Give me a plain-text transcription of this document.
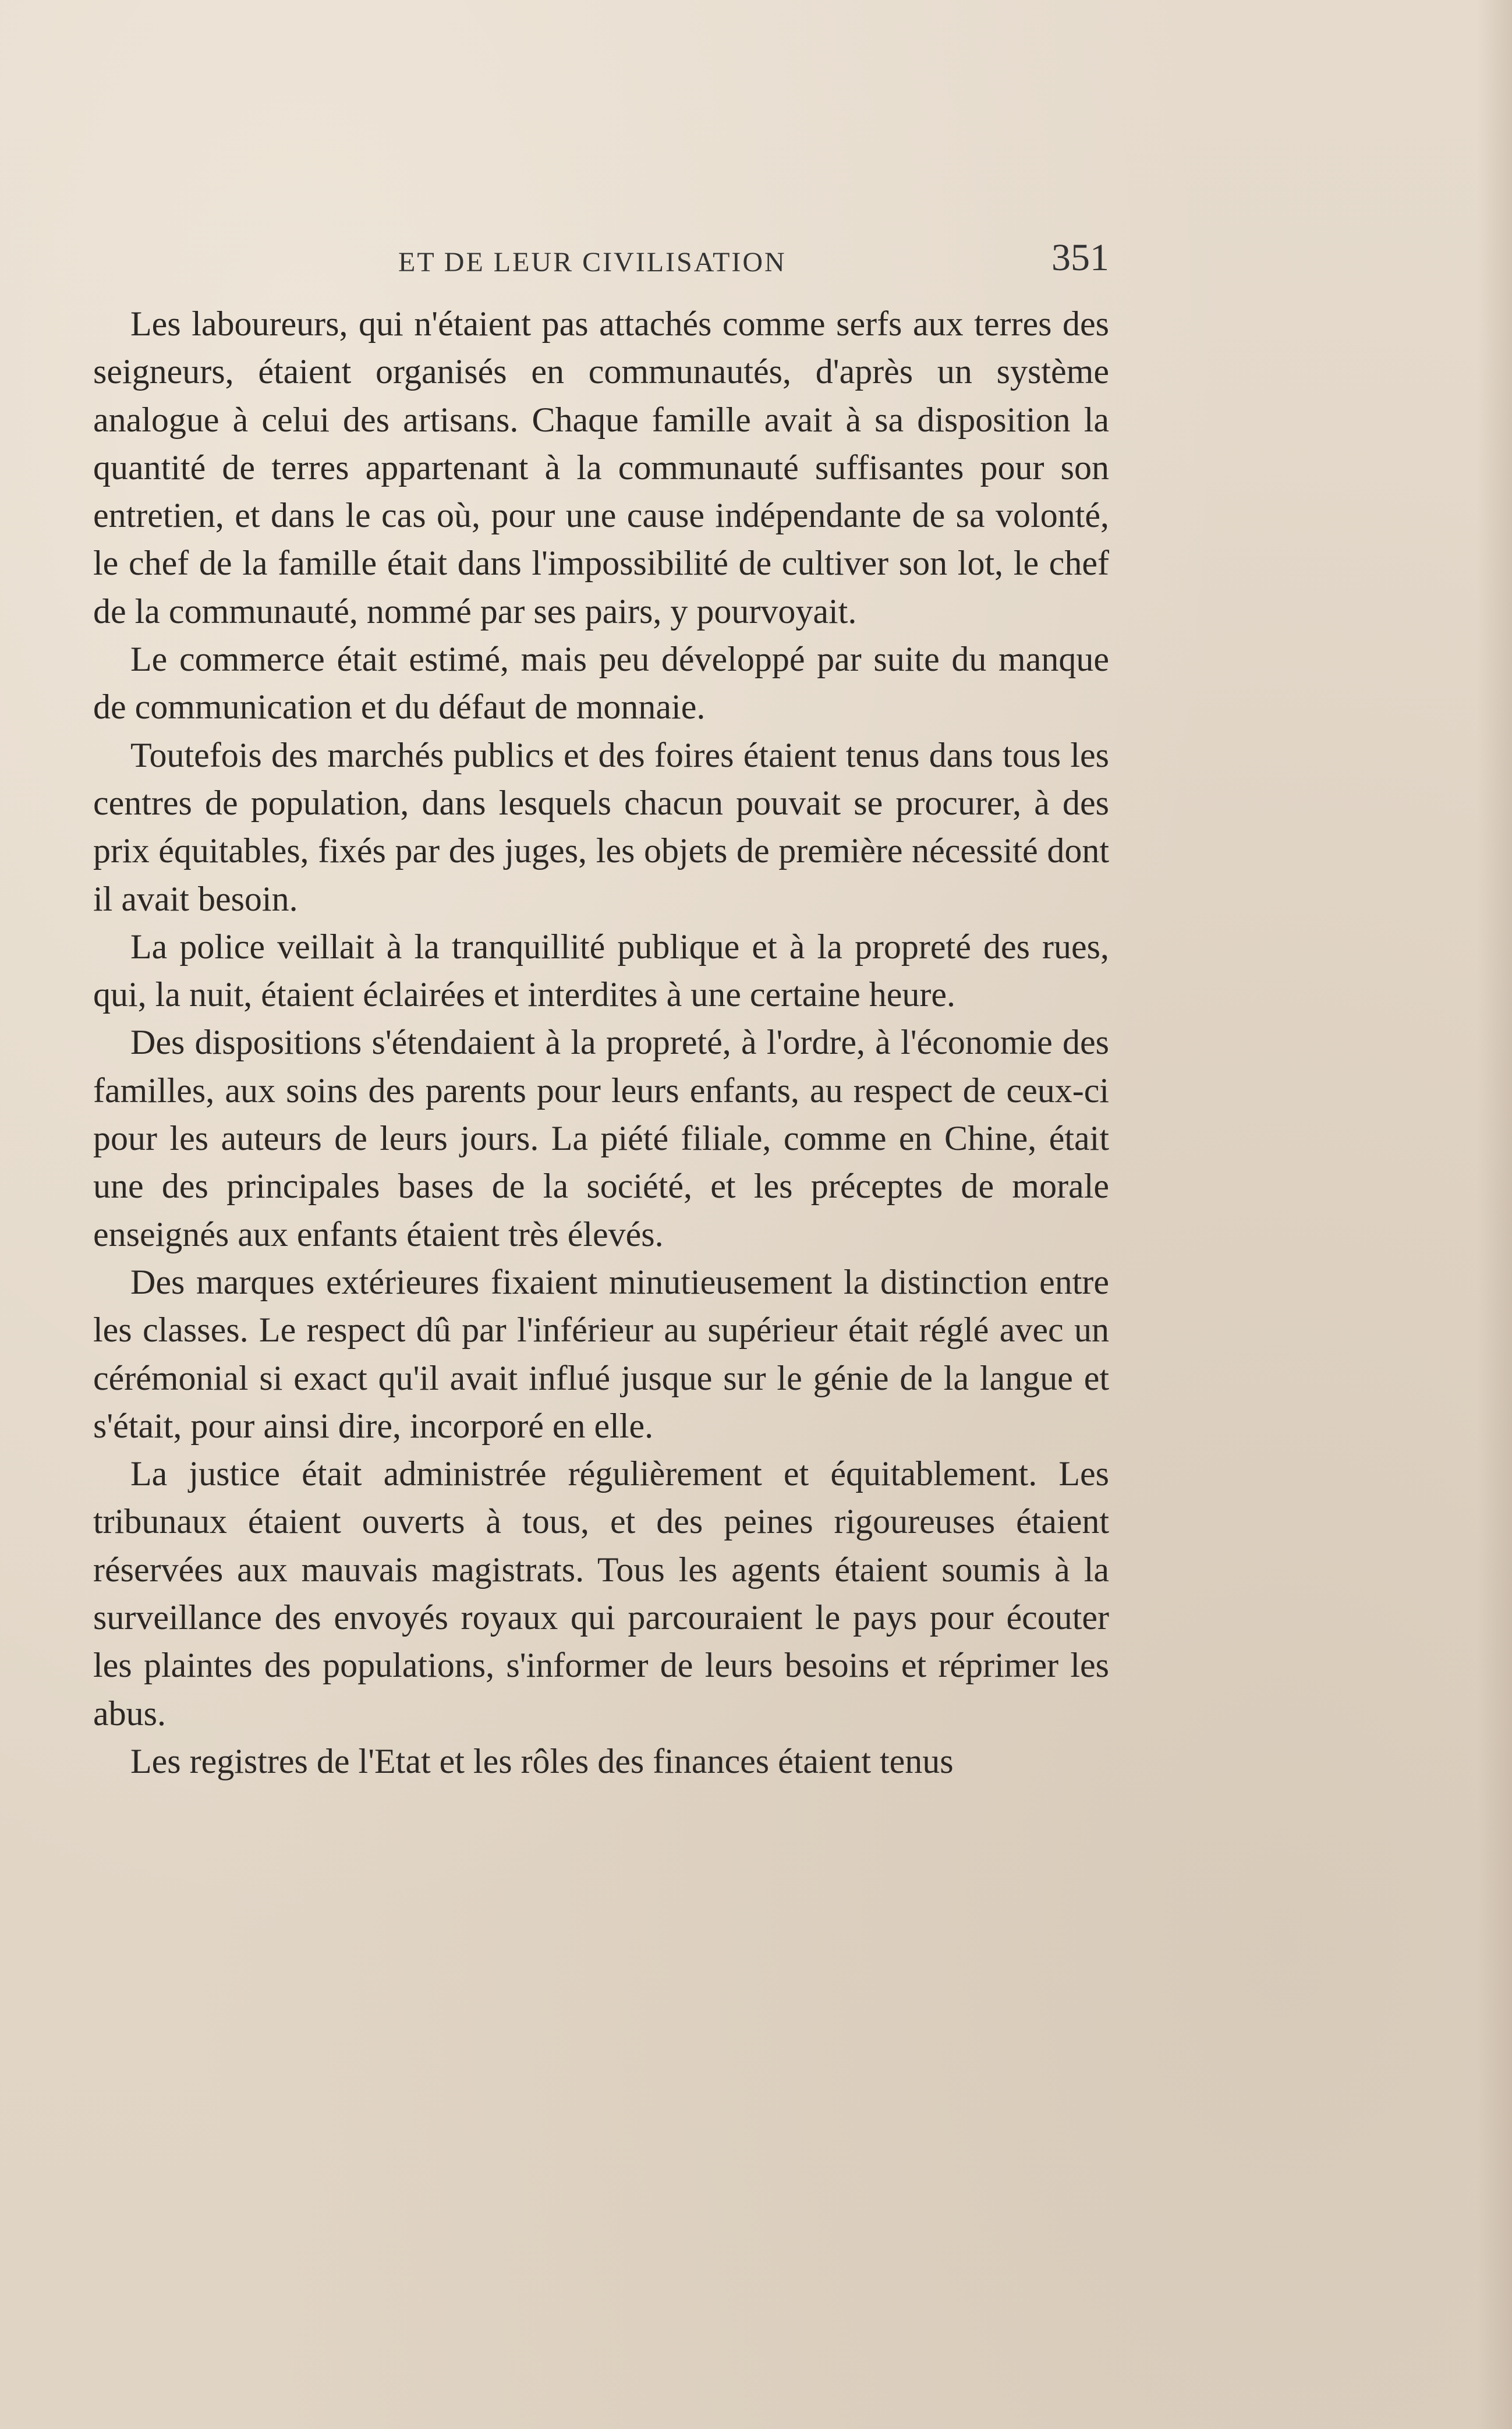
ET DE LEUR CIVILISATION	351

Les laboureurs, qui n'étaient pas attachés comme serfs aux terres des seigneurs, étaient organisés en communautés, d'après un système analogue à celui des artisans. Chaque famille avait à sa disposition la quantité de terres appartenant à la communauté suffisantes pour son entretien, et dans le cas où, pour une cause indépendante de sa volonté, le chef de la famille était dans l'impossibilité de cultiver son lot, le chef de la communauté, nommé par ses pairs, y pourvoyait.

Le commerce était estimé, mais peu développé par suite du manque de communication et du défaut de monnaie.

Toutefois des marchés publics et des foires étaient tenus dans tous les centres de population, dans lesquels chacun pouvait se procurer, à des prix équitables, fixés par des juges, les objets de première nécessité dont il avait besoin.

La police veillait à la tranquillité publique et à la propreté des rues, qui, la nuit, étaient éclairées et interdites à une certaine heure.

Des dispositions s'étendaient à la propreté, à l'ordre, à l'économie des familles, aux soins des parents pour leurs enfants, au respect de ceux-ci pour les auteurs de leurs jours. La piété filiale, comme en Chine, était une des principales bases de la société, et les préceptes de morale enseignés aux enfants étaient très élevés.

Des marques extérieures fixaient minutieusement la distinction entre les classes. Le respect dû par l'inférieur au supérieur était réglé avec un cérémonial si exact qu'il avait influé jusque sur le génie de la langue et s'était, pour ainsi dire, incorporé en elle.

La justice était administrée régulièrement et équitablement. Les tribunaux étaient ouverts à tous, et des peines rigoureuses étaient réservées aux mauvais magistrats. Tous les agents étaient soumis à la surveillance des envoyés royaux qui parcouraient le pays pour écouter les plaintes des populations, s'informer de leurs besoins et réprimer les abus.

Les registres de l'Etat et les rôles des finances étaient tenus
